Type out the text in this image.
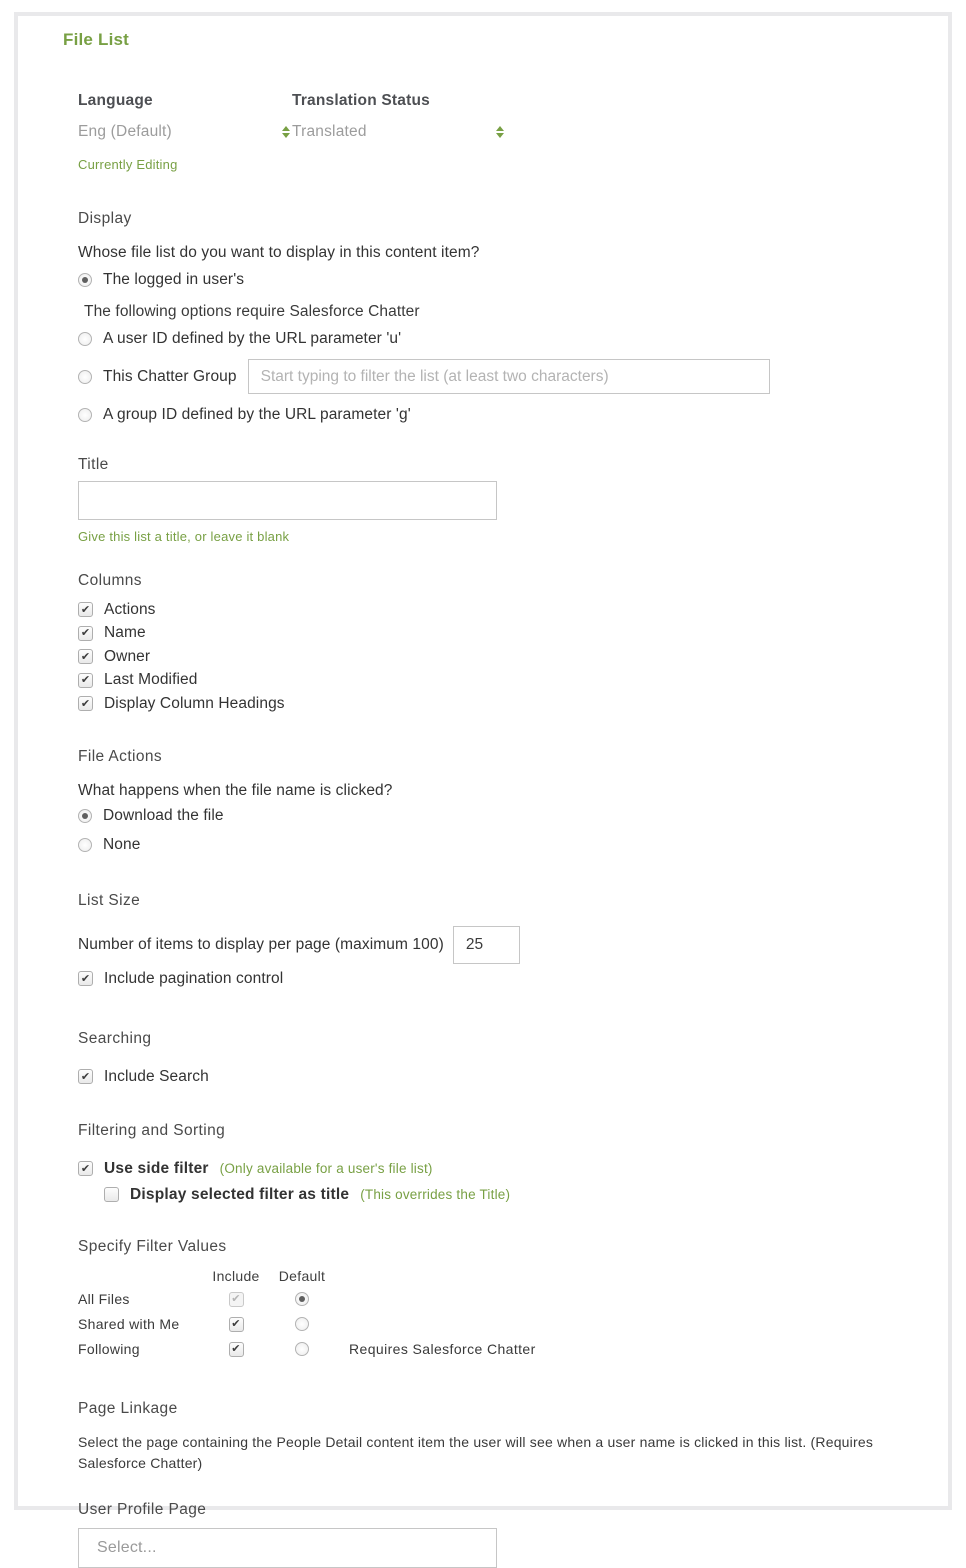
File List
Language
Eng (Default)
Translation Status
Translated
Currently Editing
Display
Whose file list do you want to display in this content item?
The logged in user's
The following options require Salesforce Chatter
A user ID defined by the URL parameter 'u'
This Chatter Group
Start typing to filter the list (at least two characters)
A group ID defined by the URL parameter 'g'
Title
Give this list a title, or leave it blank
Columns
✔
Actions
✔
Name
✔
Owner
✔
Last Modified
✔
Display Column Headings
File Actions
What happens when the file name is clicked?
Download the file
None
List Size
Number of items to display per page (maximum 100)
25
✔
Include pagination control
Searching
✔
Include Search
Filtering and Sorting
✔
Use side filter (Only available for a user's file list)
Display selected filter as title (This overrides the Title)
Specify Filter Values
Include	Default
All Files
✔
Shared with Me
✔
Following ✔	Requires Salesforce Chatter
Page Linkage
Select the page containing the People Detail content item the user will see when a user name is clicked in this list. (Requires Salesforce Chatter)
User Profile Page
Select...
